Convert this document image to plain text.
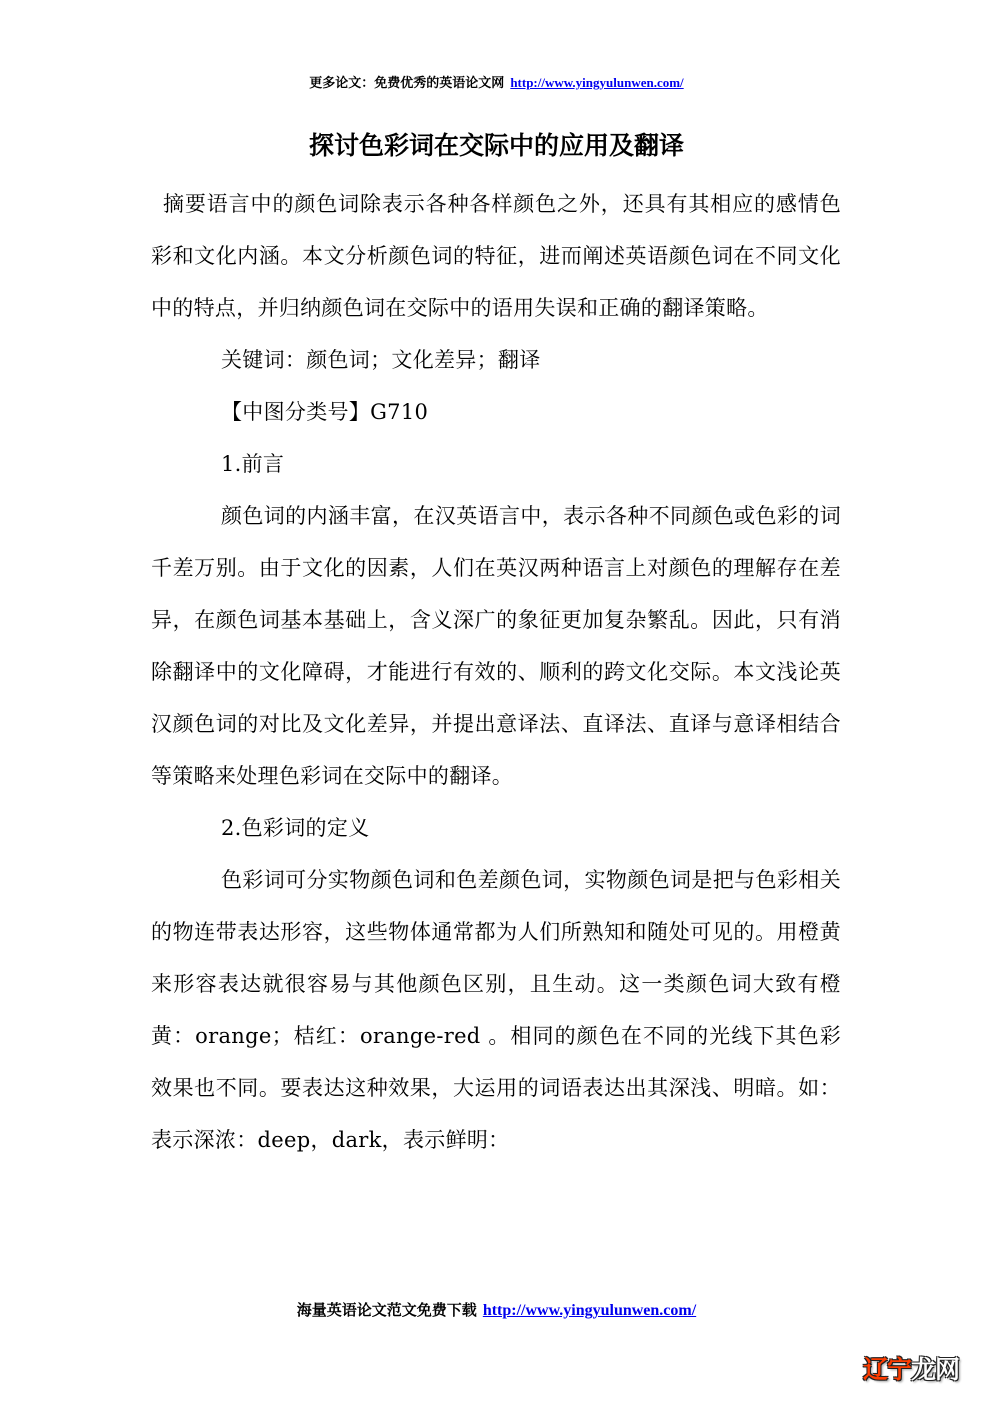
更多论文：免费优秀的英语论文网 http://www.yingyulunwen.com/
探讨色彩词在交际中的应用及翻译

摘要语言中的颜色词除表示各种各样颜色之外，还具有其相应的感情色彩和文化内涵。本文分析颜色词的特征，进而阐述英语颜色词在不同文化中的特点，并归纳颜色词在交际中的语用失误和正确的翻译策略。

关键词：颜色词；文化差异；翻译

【中图分类号】G710

1.前言

颜色词的内涵丰富，在汉英语言中，表示各种不同颜色或色彩的词千差万别。由于文化的因素，人们在英汉两种语言上对颜色的理解存在差异，在颜色词基本基础上，含义深广的象征更加复杂繁乱。因此，只有消除翻译中的文化障碍，才能进行有效的、顺利的跨文化交际。本文浅论英汉颜色词的对比及文化差异，并提出意译法、直译法、直译与意译相结合等策略来处理色彩词在交际中的翻译。

2.色彩词的定义

色彩词可分实物颜色词和色差颜色词，实物颜色词是把与色彩相关的物连带表达形容，这些物体通常都为人们所熟知和随处可见的。用橙黄来形容表达就很容易与其他颜色区别，且生动。这一类颜色词大致有橙黄：orange；桔红：orange-red 。相同的颜色在不同的光线下其色彩效果也不同。要表达这种效果，大运用的词语表达出其深浅、明暗。如：表示深浓：deep，dark，表示鲜明：

海量英语论文范文免费下载 http://www.yingyulunwen.com/
辽宁龙网
